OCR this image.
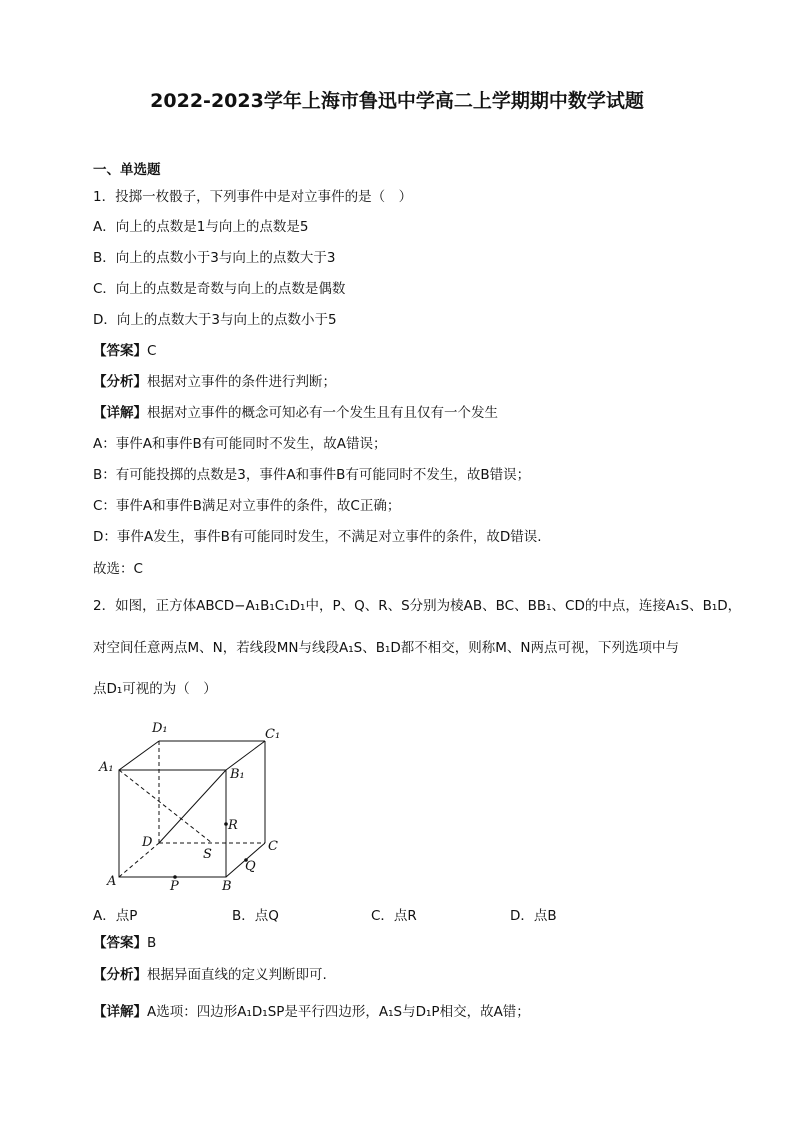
2022-2023学年上海市鲁迅中学高二上学期期中数学试题
一、单选题
1．投掷一枚骰子，下列事件中是对立事件的是（　）
A．向上的点数是1与向上的点数是5
B．向上的点数小于3与向上的点数大于3
C．向上的点数是奇数与向上的点数是偶数
D．向上的点数大于3与向上的点数小于5
【答案】C
【分析】根据对立事件的条件进行判断；
【详解】根据对立事件的概念可知必有一个发生且有且仅有一个发生
A：事件A和事件B有可能同时不发生，故A错误；
B：有可能投掷的点数是3，事件A和事件B有可能同时不发生，故B错误；
C：事件A和事件B满足对立事件的条件，故C正确；
D：事件A发生，事件B有可能同时发生，不满足对立事件的条件，故D错误.
故选：C
2．如图，正方体ABCD−A₁B₁C₁D₁中，P、Q、R、S分别为棱AB、BC、BB₁、CD的中点，连接A₁S、B₁D，
对空间任意两点M、N，若线段MN与线段A₁S、B₁D都不相交，则称M、N两点可视，下列选项中与
点D₁可视的为（　）
D₁	C₁
A₁	B₁
R
D
S
C
Q
A	P	B
A．点P	B．点Q	C．点R	D．点B
【答案】B
【分析】根据异面直线的定义判断即可.
【详解】A选项：四边形A₁D₁SP是平行四边形，A₁S与D₁P相交，故A错；
